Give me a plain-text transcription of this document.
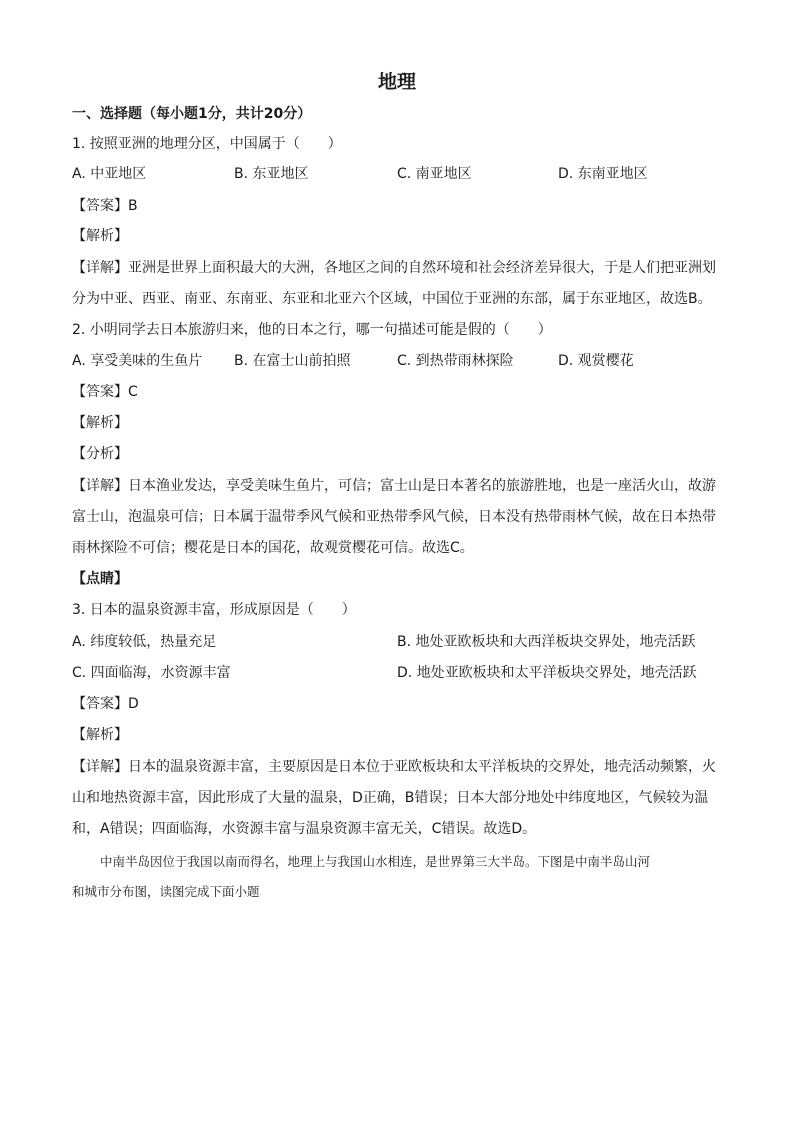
地理
一、选择题（每小题1分，共计20分）
1. 按照亚洲的地理分区，中国属于（　　）
A. 中亚地区	B. 东亚地区	C. 南亚地区	D. 东南亚地区
【答案】B
【解析】
【详解】亚洲是世界上面积最大的大洲，各地区之间的自然环境和社会经济差异很大，于是人们把亚洲划
分为中亚、西亚、南亚、东南亚、东亚和北亚六个区域，中国位于亚洲的东部，属于东亚地区，故选B。
2. 小明同学去日本旅游归来，他的日本之行，哪一句描述可能是假的（　　）
A. 享受美味的生鱼片 B. 在富士山前拍照	C. 到热带雨林探险	D. 观赏樱花
【答案】C
【解析】
【分析】
【详解】日本渔业发达，享受美味生鱼片，可信；富士山是日本著名的旅游胜地，也是一座活火山，故游
富士山，泡温泉可信；日本属于温带季风气候和亚热带季风气候，日本没有热带雨林气候，故在日本热带
雨林探险不可信；樱花是日本的国花，故观赏樱花可信。故选C。
【点睛】
3. 日本的温泉资源丰富，形成原因是（　　）
A. 纬度较低，热量充足	B. 地处亚欧板块和大西洋板块交界处，地壳活跃
C. 四面临海，水资源丰富	D. 地处亚欧板块和太平洋板块交界处，地壳活跃
【答案】D
【解析】
【详解】日本的温泉资源丰富，主要原因是日本位于亚欧板块和太平洋板块的交界处，地壳活动频繁，火
山和地热资源丰富，因此形成了大量的温泉，D正确，B错误；日本大部分地处中纬度地区，气候较为温
和，A错误；四面临海，水资源丰富与温泉资源丰富无关，C错误。故选D。
中南半岛因位于我国以南而得名，地理上与我国山水相连，是世界第三大半岛。下图是中南半岛山河
和城市分布图，读图完成下面小题
